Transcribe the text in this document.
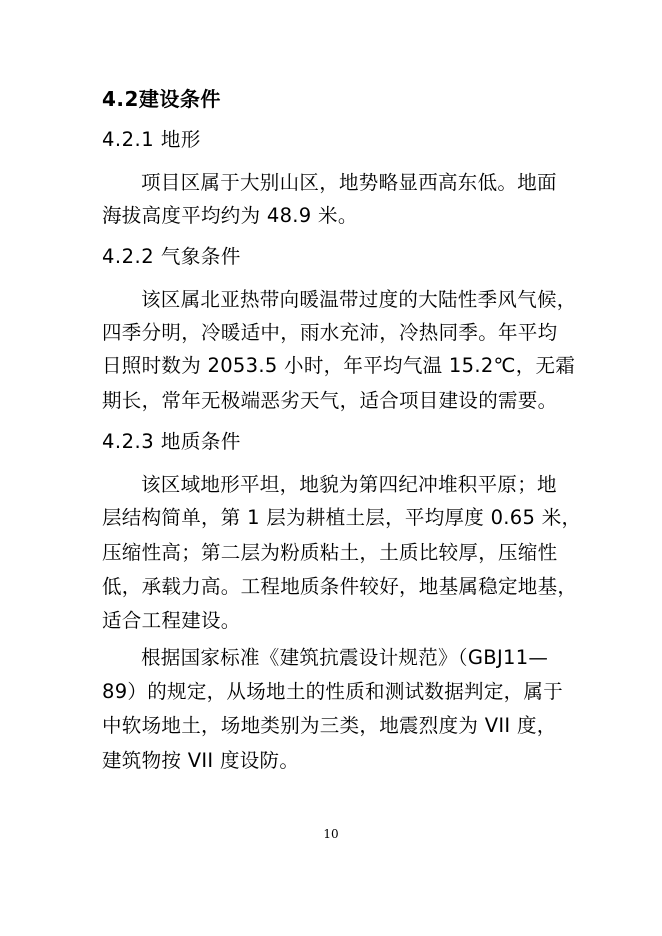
4.2建设条件
4.2.1 地形
项目区属于大别山区，地势略显西高东低。地面
海拔高度平均约为 48.9 米。
4.2.2 气象条件
该区属北亚热带向暖温带过度的大陆性季风气候，
四季分明，冷暖适中，雨水充沛，冷热同季。年平均
日照时数为 2053.5 小时，年平均气温 15.2℃，无霜
期长，常年无极端恶劣天气，适合项目建设的需要。
4.2.3 地质条件
该区域地形平坦，地貌为第四纪冲堆积平原；地
层结构简单，第 1 层为耕植土层，平均厚度 0.65 米，
压缩性高；第二层为粉质粘土，土质比较厚，压缩性
低，承载力高。工程地质条件较好，地基属稳定地基，
适合工程建设。
根据国家标准《建筑抗震设计规范》（GBJ11—
89）的规定，从场地土的性质和测试数据判定，属于
中软场地土，场地类别为三类，地震烈度为 VII 度，
建筑物按 VII 度设防。
10
